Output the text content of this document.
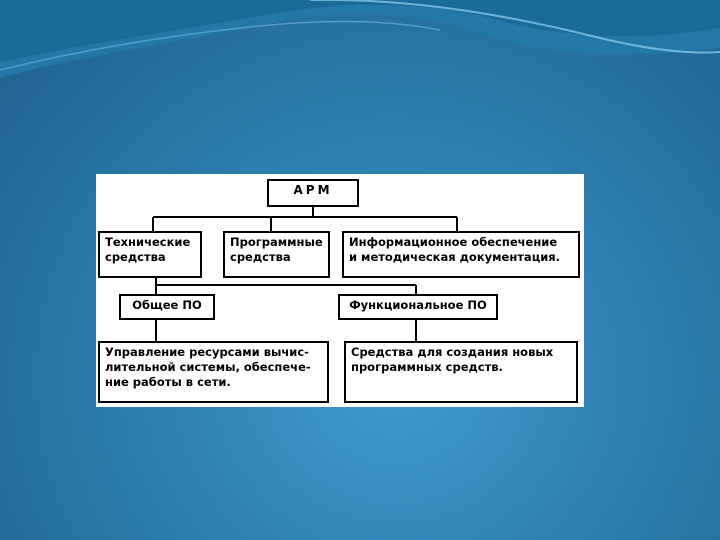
АРМ
Технические
средства
Программные
средства
Информационное обеспечение
и методическая документация.
Общее ПО	Функциональное ПО
Управление ресурсами вычис-
лительной системы, обеспече-
ние работы в сети.
Средства для создания новых
программных средств.
